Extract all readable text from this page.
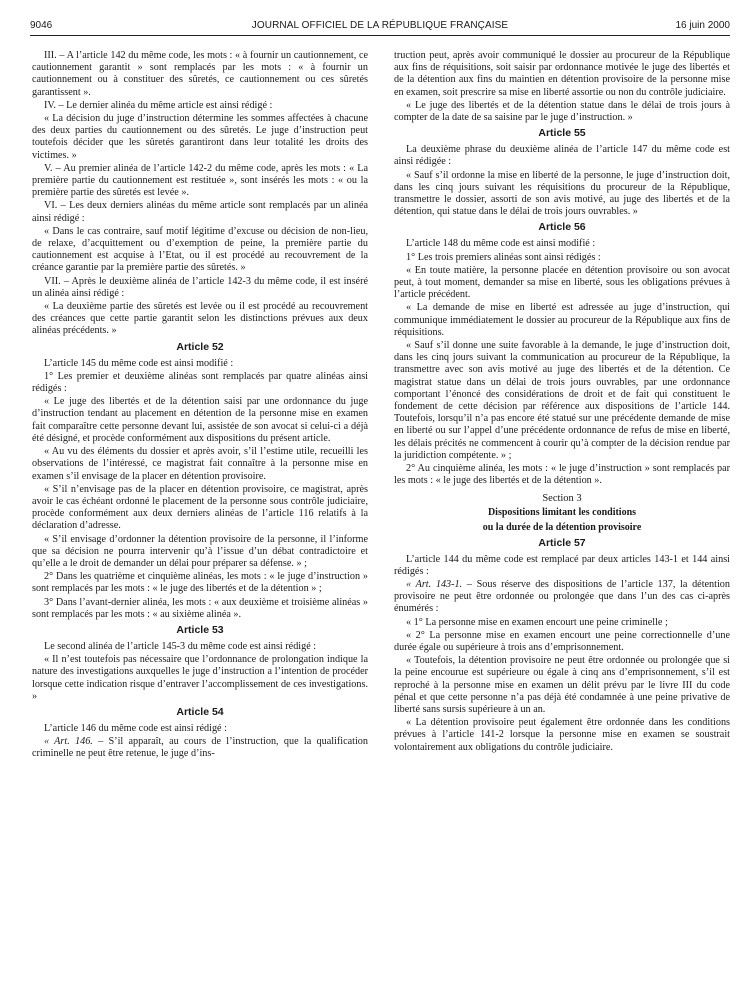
9046	JOURNAL OFFICIEL DE LA RÉPUBLIQUE FRANÇAISE	16 juin 2000

III. – A l’article 142 du même code, les mots : « à fournir un cautionnement, ce cautionnement garantit » sont remplacés par les mots : « à fournir un cautionnement ou à constituer des sûretés, ce cautionnement ou ces sûretés garantissent ».

IV. – Le dernier alinéa du même article est ainsi rédigé :

« La décision du juge d’instruction détermine les sommes affectées à chacune des deux parties du cautionnement ou des sûretés. Le juge d’instruction peut toutefois décider que les sûretés garantiront dans leur totalité les droits des victimes. »

V. – Au premier alinéa de l’article 142-2 du même code, après les mots : « La première partie du cautionnement est restituée », sont insérés les mots : « ou la première partie des sûretés est levée ».

VI. – Les deux derniers alinéas du même article sont remplacés par un alinéa ainsi rédigé :

« Dans le cas contraire, sauf motif légitime d’excuse ou décision de non-lieu, de relaxe, d’acquittement ou d’exemption de peine, la première partie du cautionnement est acquise à l’Etat, ou il est procédé au recouvrement de la créance garantie par la première partie des sûretés. »

VII. – Après le deuxième alinéa de l’article 142-3 du même code, il est inséré un alinéa ainsi rédigé :

« La deuxième partie des sûretés est levée ou il est procédé au recouvrement des créances que cette partie garantit selon les distinctions prévues aux deux alinéas précédents. »

Article 52

L’article 145 du même code est ainsi modifié :

1° Les premier et deuxième alinéas sont remplacés par quatre alinéas ainsi rédigés :

« Le juge des libertés et de la détention saisi par une ordonnance du juge d’instruction tendant au placement en détention de la personne mise en examen fait comparaître cette personne devant lui, assistée de son avocat si celui-ci a déjà été désigné, et procède conformément aux dispositions du présent article.

« Au vu des éléments du dossier et après avoir, s’il l’estime utile, recueilli les observations de l’intéressé, ce magistrat fait connaître à la personne mise en examen s’il envisage de la placer en détention provisoire.

« S’il n’envisage pas de la placer en détention provisoire, ce magistrat, après avoir le cas échéant ordonné le placement de la personne sous contrôle judiciaire, procède conformément aux deux derniers alinéas de l’article 116 relatifs à la déclaration d’adresse.

« S’il envisage d’ordonner la détention provisoire de la personne, il l’informe que sa décision ne pourra intervenir qu’à l’issue d’un débat contradictoire et qu’elle a le droit de demander un délai pour préparer sa défense. » ;

2° Dans les quatrième et cinquième alinéas, les mots : « le juge d’instruction » sont remplacés par les mots : « le juge des libertés et de la détention » ;

3° Dans l’avant-dernier alinéa, les mots : « aux deuxième et troisième alinéas » sont remplacés par les mots : « au sixième alinéa ».

Article 53

Le second alinéa de l’article 145-3 du même code est ainsi rédigé :

« Il n’est toutefois pas nécessaire que l’ordonnance de prolongation indique la nature des investigations auxquelles le juge d’instruction a l’intention de procéder lorsque cette indication risque d’entraver l’accomplissement de ces investigations. »

Article 54

L’article 146 du même code est ainsi rédigé :

« Art. 146. – S’il apparaît, au cours de l’instruction, que la qualification criminelle ne peut être retenue, le juge d’ins-

truction peut, après avoir communiqué le dossier au procureur de la République aux fins de réquisitions, soit saisir par ordonnance motivée le juge des libertés et de la détention aux fins du maintien en détention provisoire de la personne mise en examen, soit prescrire sa mise en liberté assortie ou non du contrôle judiciaire.

« Le juge des libertés et de la détention statue dans le délai de trois jours à compter de la date de sa saisine par le juge d’instruction. »

Article 55

La deuxième phrase du deuxième alinéa de l’article 147 du même code est ainsi rédigée :

« Sauf s’il ordonne la mise en liberté de la personne, le juge d’instruction doit, dans les cinq jours suivant les réquisitions du procureur de la République, transmettre le dossier, assorti de son avis motivé, au juge des libertés et de la détention, qui statue dans le délai de trois jours ouvrables. »

Article 56

L’article 148 du même code est ainsi modifié :

1° Les trois premiers alinéas sont ainsi rédigés :

« En toute matière, la personne placée en détention provisoire ou son avocat peut, à tout moment, demander sa mise en liberté, sous les obligations prévues à l’article précédent.

« La demande de mise en liberté est adressée au juge d’instruction, qui communique immédiatement le dossier au procureur de la République aux fins de réquisitions.

« Sauf s’il donne une suite favorable à la demande, le juge d’instruction doit, dans les cinq jours suivant la communication au procureur de la République, la transmettre avec son avis motivé au juge des libertés et de la détention. Ce magistrat statue dans un délai de trois jours ouvrables, par une ordonnance comportant l’énoncé des considérations de droit et de fait qui constituent le fondement de cette décision par référence aux dispositions de l’article 144. Toutefois, lorsqu’il n’a pas encore été statué sur une précédente demande de mise en liberté ou sur l’appel d’une précédente ordonnance de refus de mise en liberté, les délais précités ne commencent à courir qu’à compter de la décision rendue par la juridiction compétente. » ;

2° Au cinquième alinéa, les mots : « le juge d’instruction » sont remplacés par les mots : « le juge des libertés et de la détention ».

Section 3
Dispositions limitant les conditions
ou la durée de la détention provisoire
Article 57

L’article 144 du même code est remplacé par deux articles 143-1 et 144 ainsi rédigés :

« Art. 143-1. – Sous réserve des dispositions de l’article 137, la détention provisoire ne peut être ordonnée ou prolongée que dans l’un des cas ci-après énumérés :

« 1° La personne mise en examen encourt une peine criminelle ;

« 2° La personne mise en examen encourt une peine correctionnelle d’une durée égale ou supérieure à trois ans d’emprisonnement.

« Toutefois, la détention provisoire ne peut être ordonnée ou prolongée que si la peine encourue est supérieure ou égale à cinq ans d’emprisonnement, s’il est reproché à la personne mise en examen un délit prévu par le livre III du code pénal et que cette personne n’a pas déjà été condamnée à une peine privative de liberté sans sursis supérieure à un an.

« La détention provisoire peut également être ordonnée dans les conditions prévues à l’article 141-2 lorsque la personne mise en examen se soustrait volontairement aux obligations du contrôle judiciaire.
